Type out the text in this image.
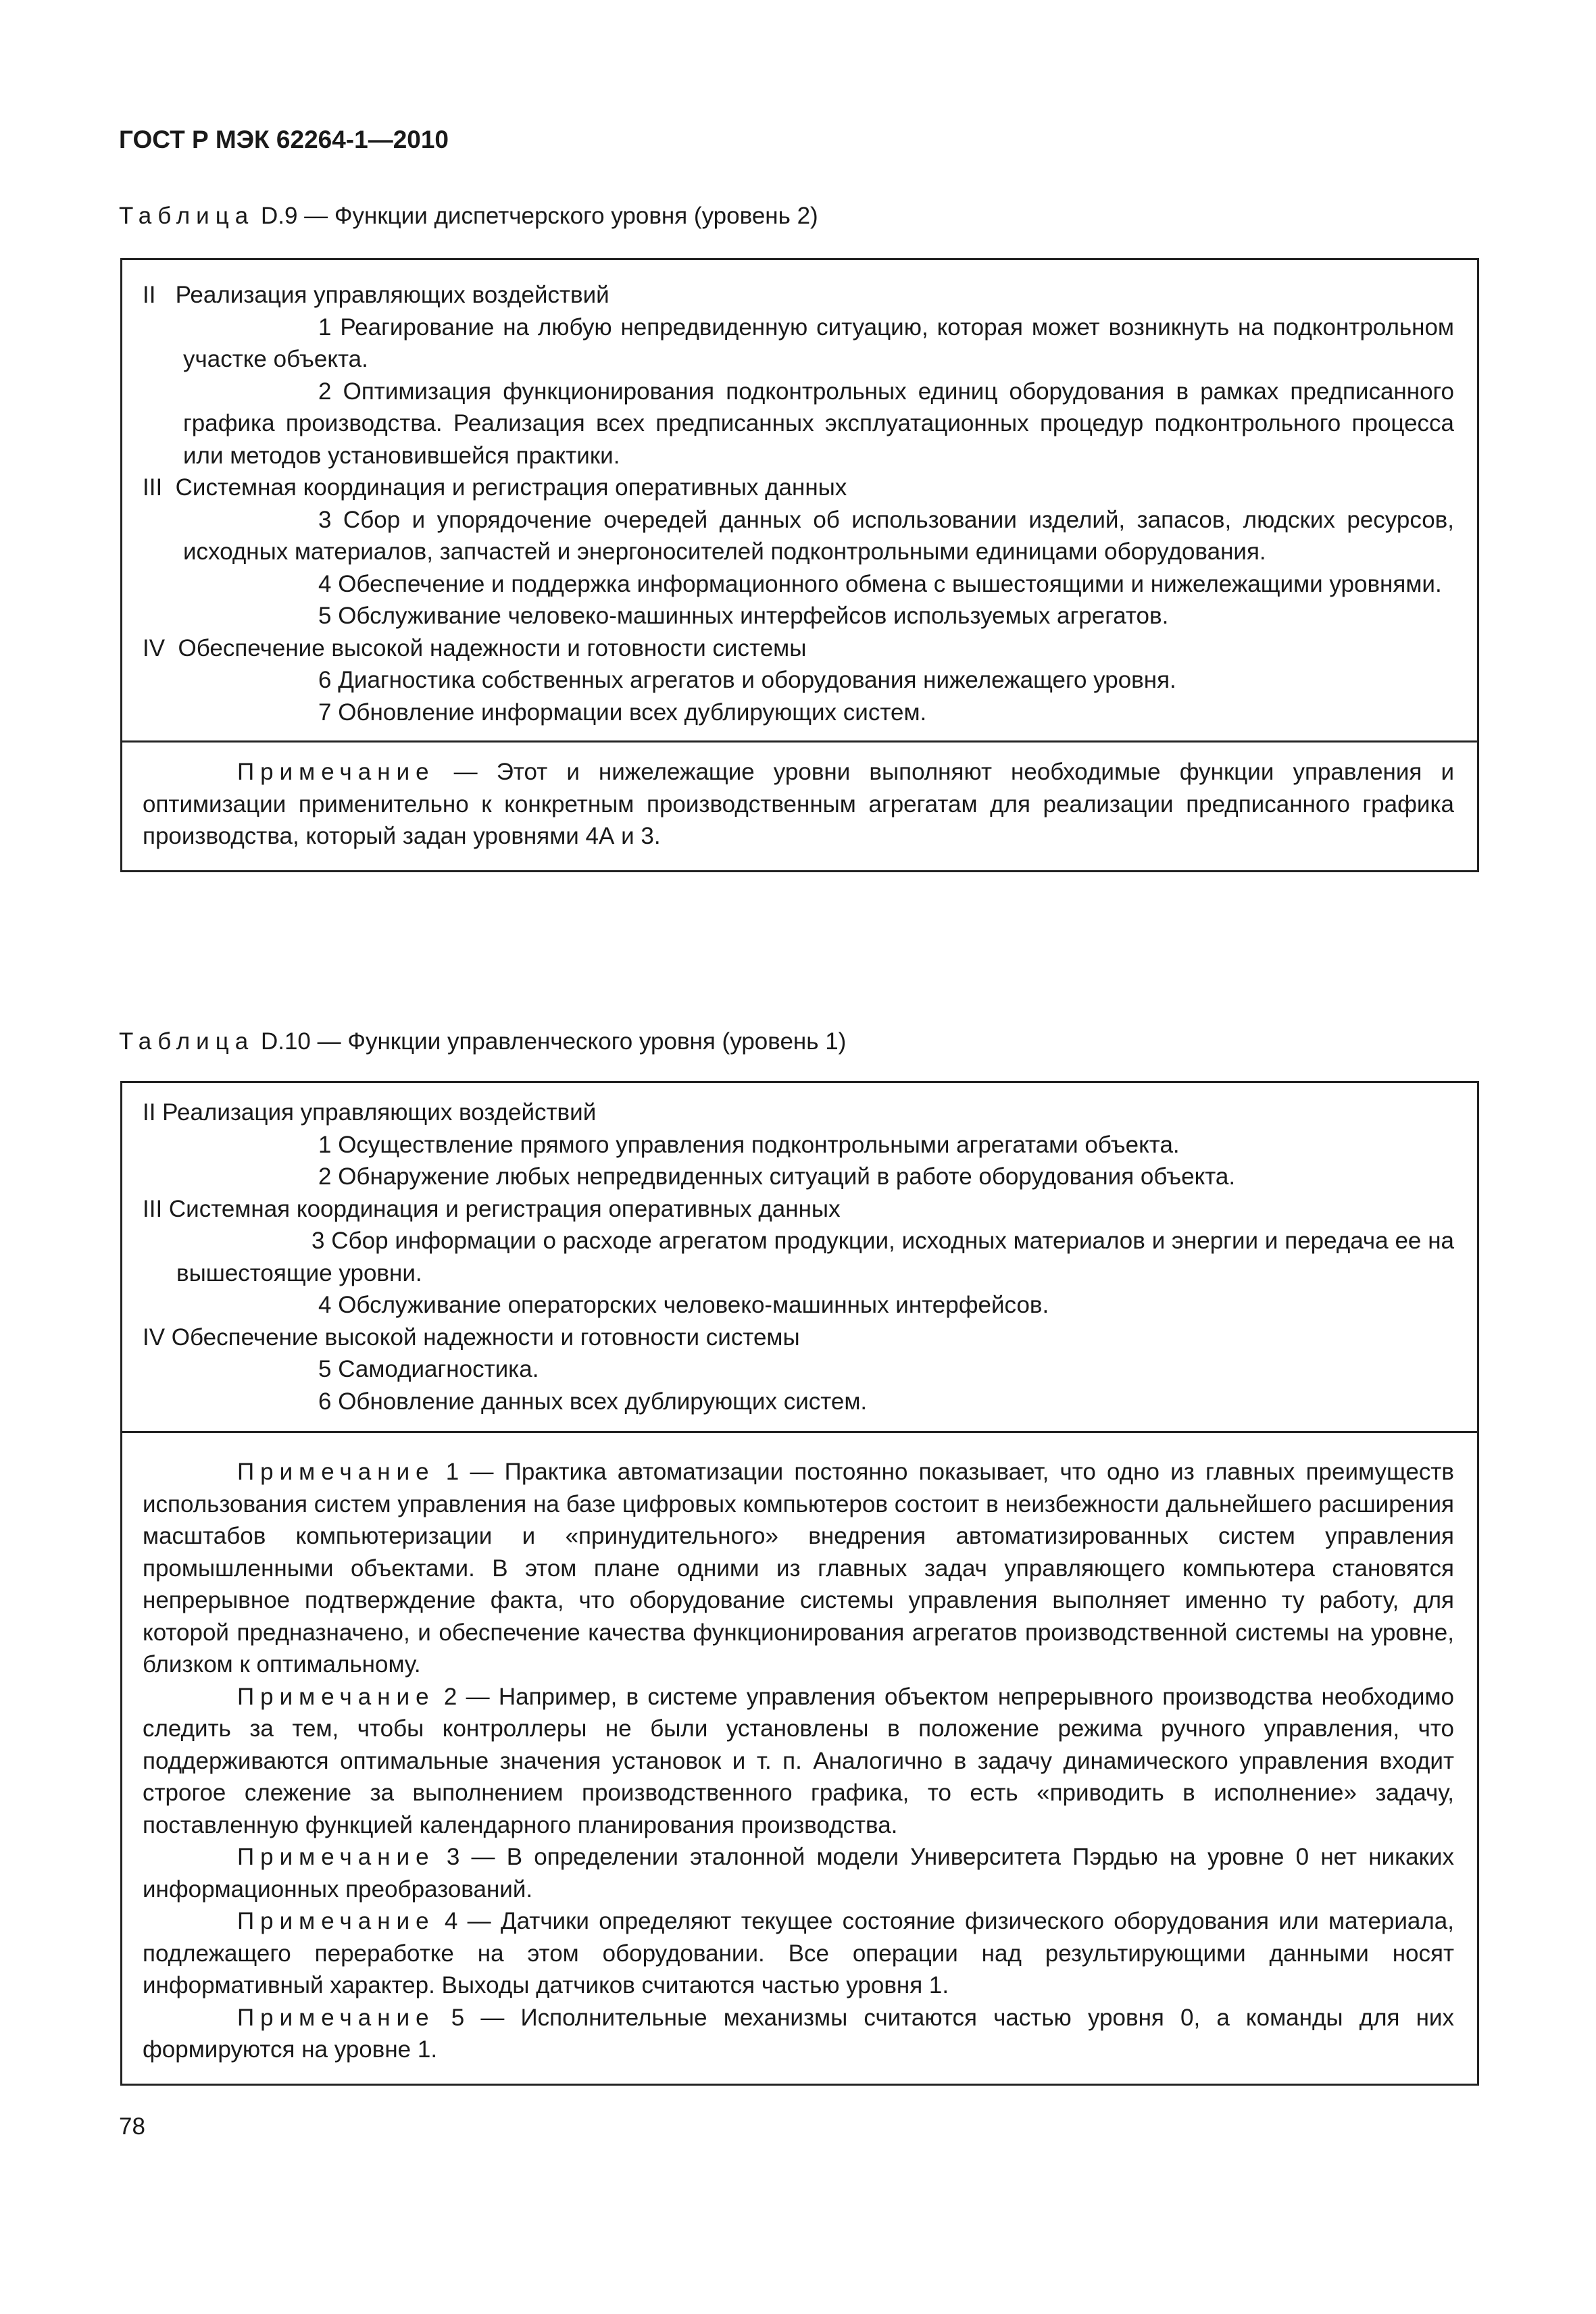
ГОСТ Р МЭК 62264-1—2010
Таблица D.9 — Функции диспетчерского уровня (уровень 2)

II   Реализация управляющих воздействий

1 Реагирование на любую непредвиденную ситуацию, которая может возникнуть на подконтрольном участке объекта.

2 Оптимизация функционирования подконтрольных единиц оборудования в рамках предписанного графика производства. Реализация всех предписанных эксплуатационных процедур подконтрольного процесса или методов установившейся практики.

III  Системная координация и регистрация оперативных данных

3 Сбор и упорядочение очередей данных об использовании изделий, запасов, людских ресурсов, исходных материалов, запчастей и энергоносителей подконтрольными единицами оборудования.

4 Обеспечение и поддержка информационного обмена с вышестоящими и нижележащими уровнями.

5 Обслуживание человеко-машинных интерфейсов используемых агрегатов.

IV  Обеспечение высокой надежности и готовности системы

6 Диагностика собственных агрегатов и оборудования нижележащего уровня.

7 Обновление информации всех дублирующих систем.

Примечание — Этот и нижележащие уровни выполняют необходимые функции управления и оптимизации применительно к конкретным производственным агрегатам для реализации предписанного графика производства, который задан уровнями 4А и 3.

Таблица D.10 — Функции управленческого уровня (уровень 1)

II Реализация управляющих воздействий

1 Осуществление прямого управления подконтрольными агрегатами объекта.

2 Обнаружение любых непредвиденных ситуаций в работе оборудования объекта.

III Системная координация и регистрация оперативных данных

3 Сбор информации о расходе агрегатом продукции, исходных материалов и энергии и передача ее на вышестоящие уровни.

4 Обслуживание операторских человеко-машинных интерфейсов.

IV Обеспечение высокой надежности и готовности системы

5 Самодиагностика.

6 Обновление данных всех дублирующих систем.

Примечание 1 — Практика автоматизации постоянно показывает, что одно из главных преимуществ использования систем управления на базе цифровых компьютеров состоит в неизбежности дальнейшего расширения масштабов компьютеризации и «принудительного» внедрения автоматизированных систем управления промышленными объектами. В этом плане одними из главных задач управляющего компьютера становятся непрерывное подтверждение факта, что оборудование системы управления выполняет именно ту работу, для которой предназначено, и обеспечение качества функционирования агрегатов производственной системы на уровне, близком к оптимальному.

Примечание 2 — Например, в системе управления объектом непрерывного производства необходимо следить за тем, чтобы контроллеры не были установлены в положение режима ручного управления, что поддерживаются оптимальные значения установок и т. п. Аналогично в задачу динамического управления входит строгое слежение за выполнением производственного графика, то есть «приводить в исполнение» задачу, поставленную функцией календарного планирования производства.

Примечание 3 — В определении эталонной модели Университета Пэрдью на уровне 0 нет никаких информационных преобразований.

Примечание 4 — Датчики определяют текущее состояние физического оборудования или материала, подлежащего переработке на этом оборудовании. Все операции над результирующими данными носят информативный характер. Выходы датчиков считаются частью уровня 1.

Примечание 5 — Исполнительные механизмы считаются частью уровня 0, а команды для них формируются на уровне 1.

78
